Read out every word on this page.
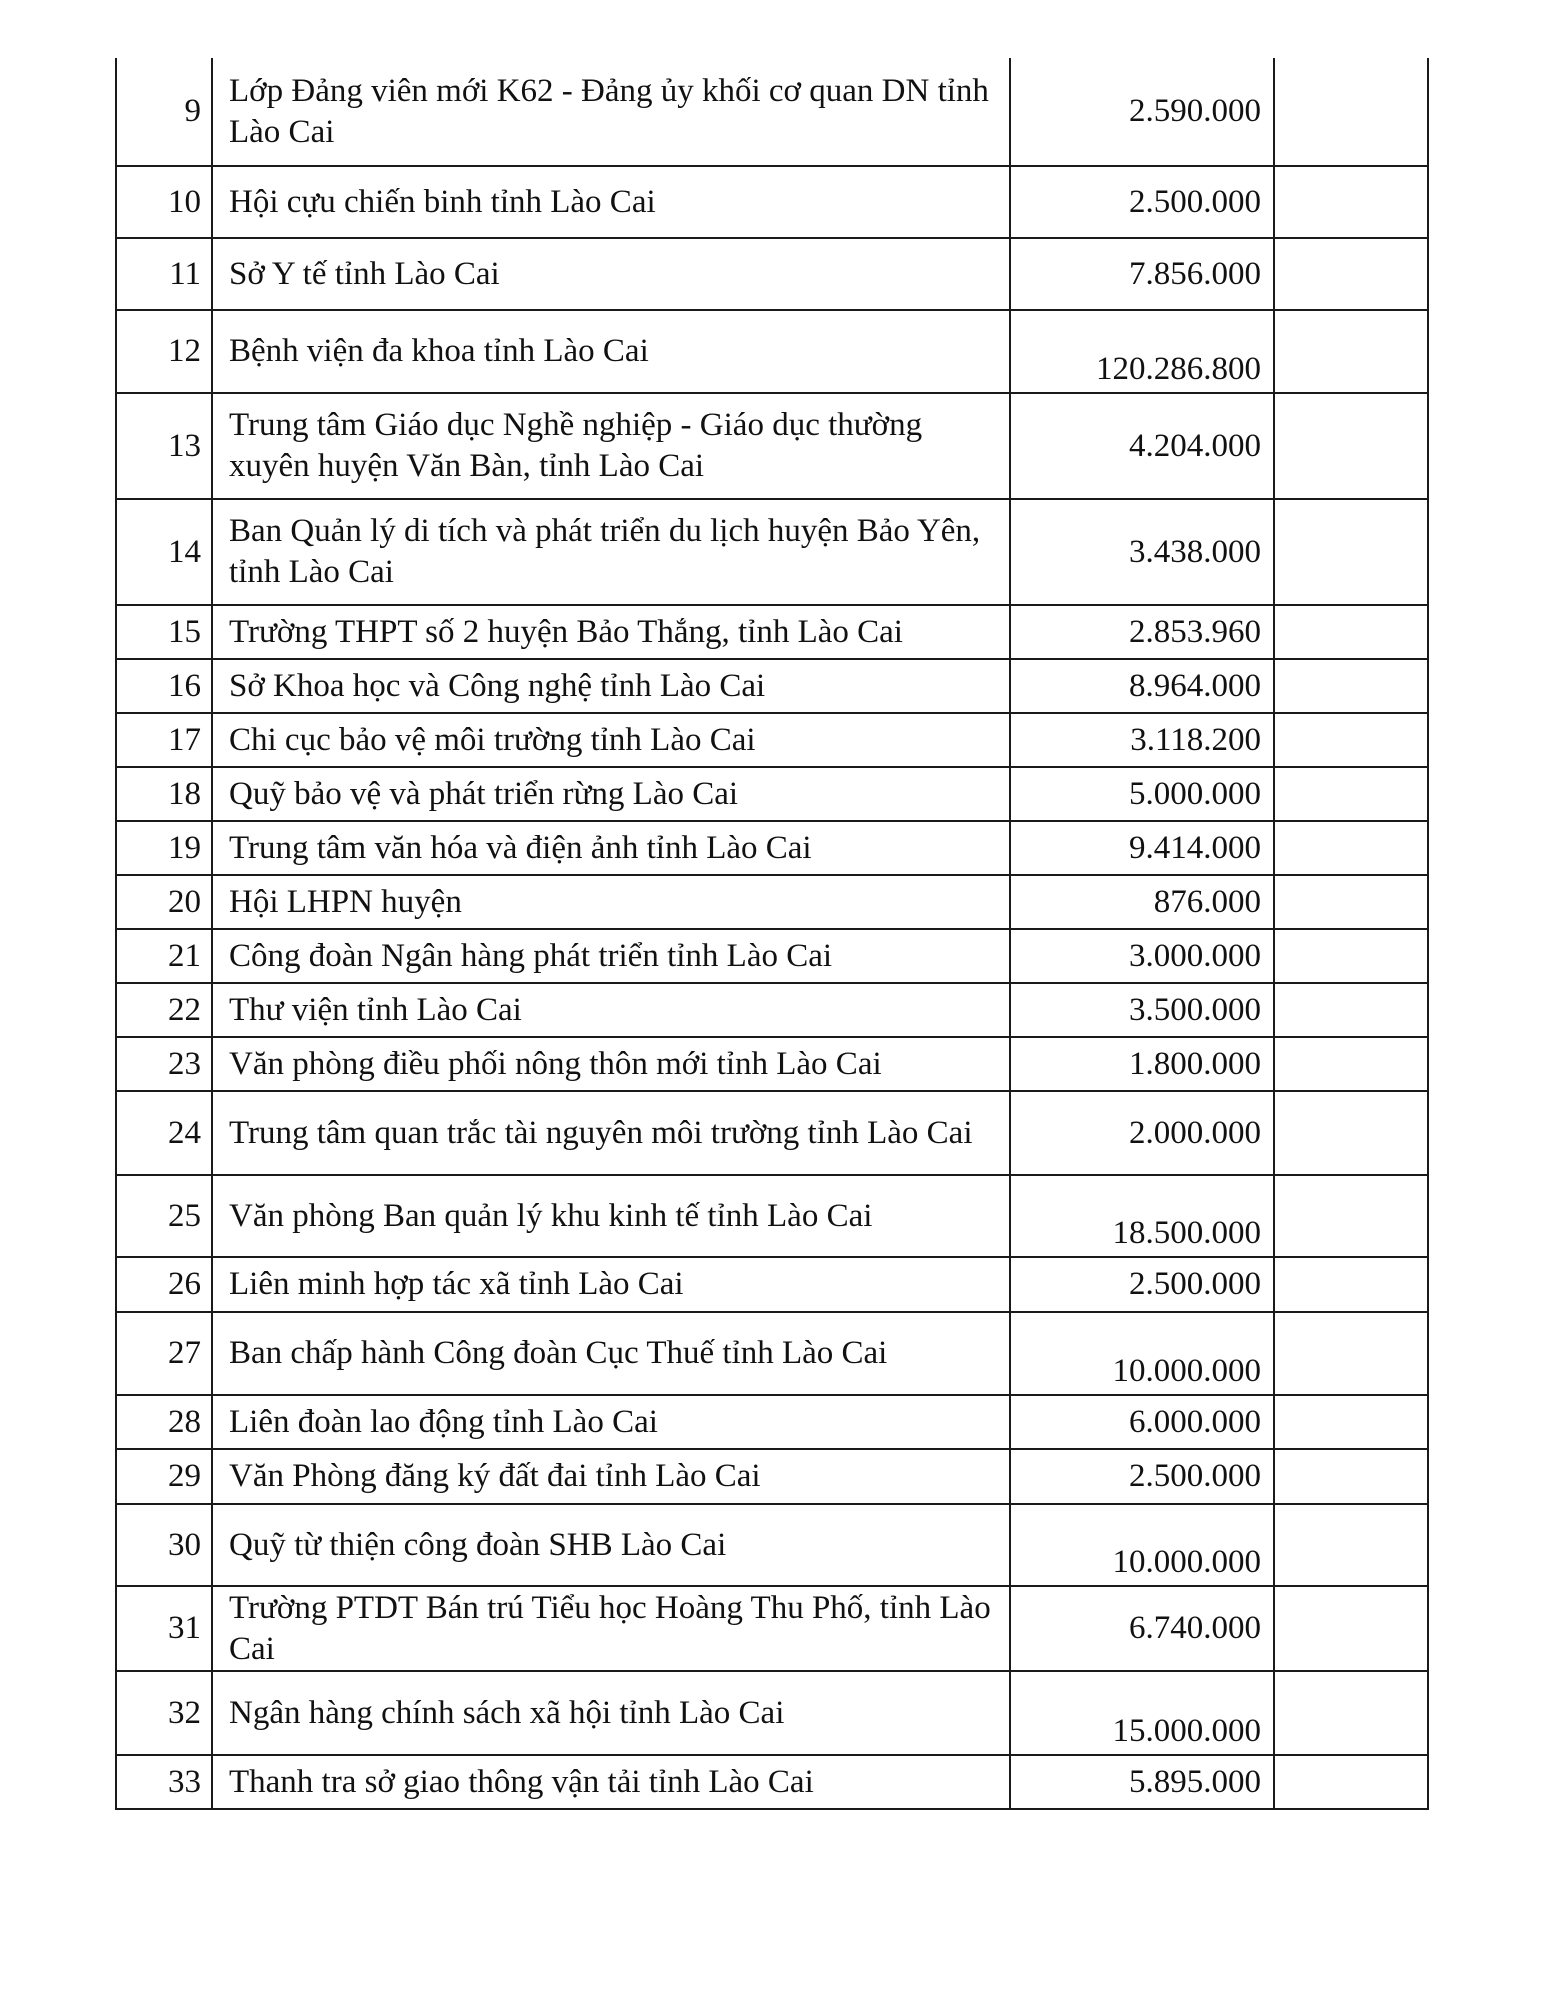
9	Lớp Đảng viên mới K62 - Đảng ủy khối cơ quan DN tỉnh Lào Cai	2.590.000	
10	Hội cựu chiến binh tỉnh Lào Cai	2.500.000	
11	Sở Y tế tỉnh Lào Cai	7.856.000	
12	Bệnh viện đa khoa tỉnh Lào Cai	120.286.800	
13	Trung tâm Giáo dục Nghề nghiệp - Giáo dục thường xuyên huyện Văn Bàn, tỉnh Lào Cai	4.204.000	
14	Ban Quản lý di tích và phát triển du lịch huyện Bảo Yên, tỉnh Lào Cai	3.438.000	
15	Trường THPT số 2 huyện Bảo Thắng, tỉnh Lào Cai	2.853.960	
16	Sở Khoa học và Công nghệ tỉnh Lào Cai	8.964.000	
17	Chi cục bảo vệ môi trường tỉnh Lào Cai	3.118.200	
18	Quỹ bảo vệ và phát triển rừng Lào Cai	5.000.000	
19	Trung tâm văn hóa và điện ảnh tỉnh Lào Cai	9.414.000	
20	Hội LHPN huyện	876.000	
21	Công đoàn Ngân hàng phát triển tỉnh Lào Cai	3.000.000	
22	Thư viện tỉnh Lào Cai	3.500.000	
23	Văn phòng điều phối nông thôn mới tỉnh Lào Cai	1.800.000	
24	Trung tâm quan trắc tài nguyên môi trường tỉnh Lào Cai	2.000.000	
25	Văn phòng Ban quản lý khu kinh tế tỉnh Lào Cai	18.500.000	
26	Liên minh hợp tác xã tỉnh Lào Cai	2.500.000	
27	Ban chấp hành Công đoàn Cục Thuế tỉnh Lào Cai	10.000.000	
28	Liên đoàn lao động tỉnh Lào Cai	6.000.000	
29	Văn Phòng đăng ký đất đai tỉnh Lào Cai	2.500.000	
30	Quỹ từ thiện công đoàn SHB Lào Cai	10.000.000	
31	Trường PTDT Bán trú Tiểu học Hoàng Thu Phố, tỉnh Lào Cai	6.740.000	
32	Ngân hàng chính sách xã hội tỉnh Lào Cai	15.000.000	
33	Thanh tra sở giao thông vận tải tỉnh Lào Cai	5.895.000	
